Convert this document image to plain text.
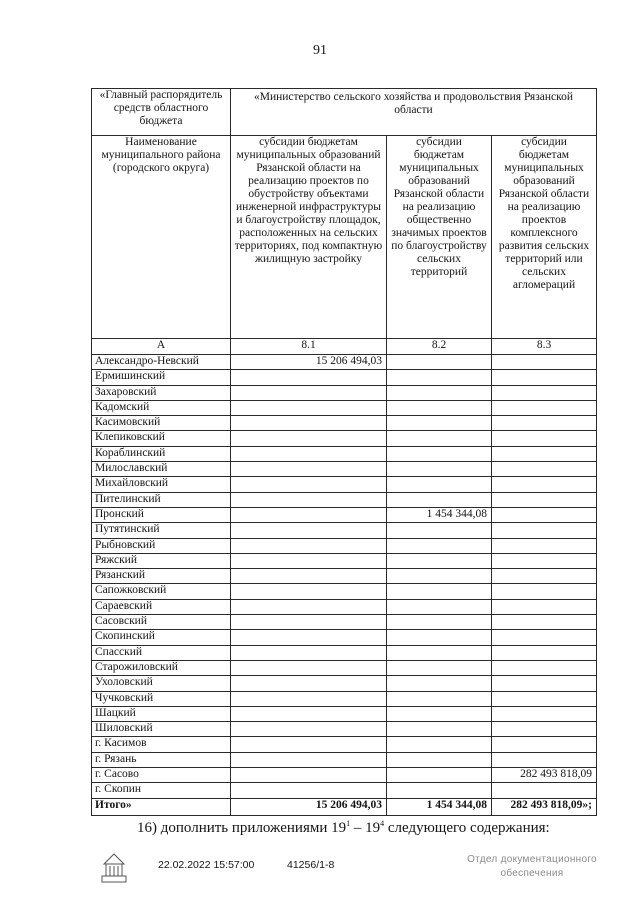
91
«Главный распорядитель средств областного бюджета	«Министерство сельского хозяйства и продовольствия Рязанской области		
Наименование муниципального района (городского округа)	субсидии бюджетам муниципальных образований Рязанской области на реализацию проектов по обустройству объектами инженерной инфраструктуры и благоустройству площадок, расположенных на сельских территориях, под компактную жилищную застройку	субсидии бюджетам муниципальных образований Рязанской области на реализацию общественно значимых проектов по благоустройству сельских территорий	субсидии бюджетам муниципальных образований Рязанской области на реализацию проектов комплексного развития сельских территорий или сельских агломераций
А	8.1	8.2	8.3
Александро-Невский	15 206 494,03		
Ермишинский			
Захаровский			
Кадомский			
Касимовский			
Клепиковский			
Кораблинский			
Милославский			
Михайловский			
Пителинский			
Пронский		1 454 344,08	
Путятинский			
Рыбновский			
Ряжский			
Рязанский			
Сапожковский			
Сараевский			
Сасовский			
Скопинский			
Спасский			
Старожиловский			
Ухоловский			
Чучковский			
Шацкий			
Шиловский			
г. Касимов			
г. Рязань			
г. Сасово			282 493 818,09
г. Скопин			
Итого»	15 206 494,03	1 454 344,08	282 493 818,09»;
16) дополнить приложениями $19^1 - 19^4$ следующего содержания:
22.02.2022 15:57:00	41256/1-8	Отдел документационного
обеспечения
